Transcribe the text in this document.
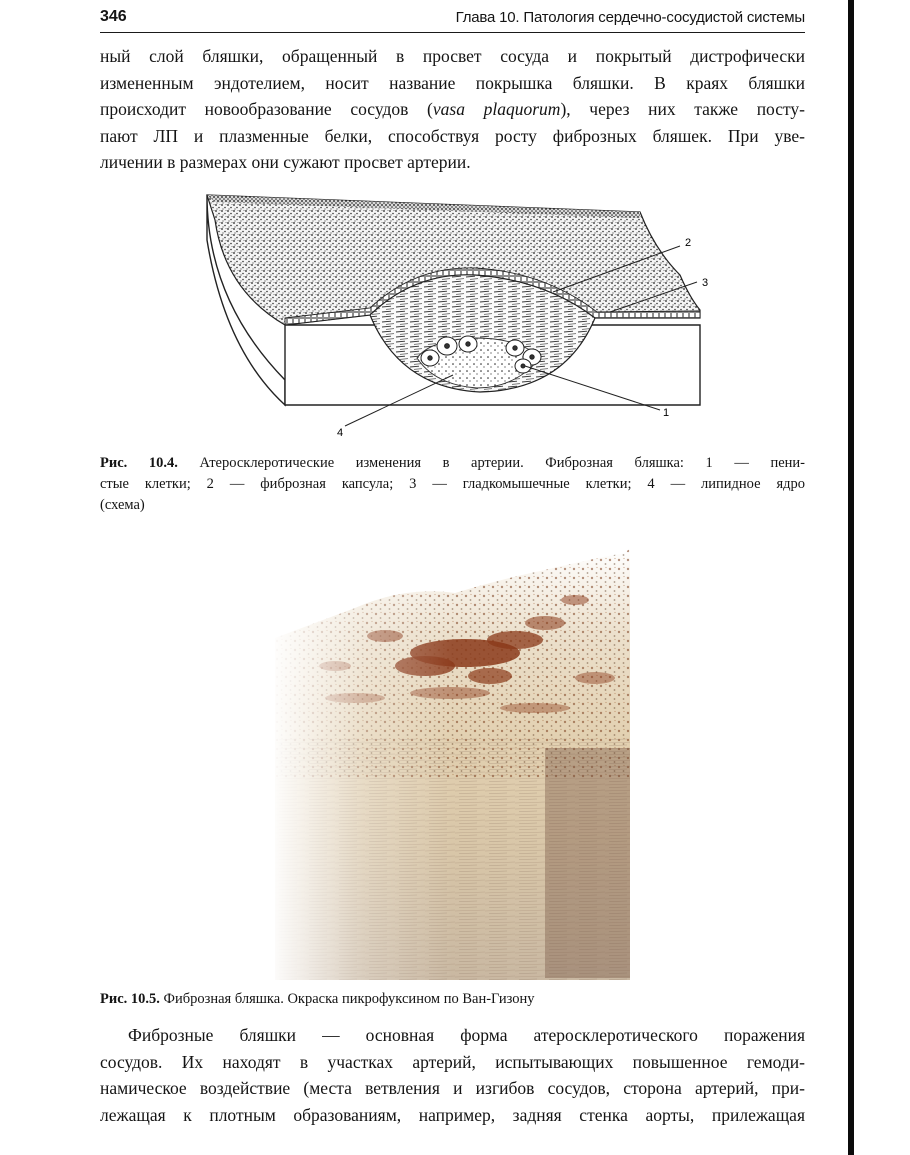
346	Глава 10. Патология сердечно-сосудистой системы
ный слой бляшки, обращенный в просвет сосуда и покрытый дистрофически
измененным эндотелием, носит название покрышка бляшки. В краях бляшки
происходит новообразование сосудов (vasa plaquorum), через них также посту-
пают ЛП и плазменные белки, способствуя росту фиброзных бляшек. При уве-
личении в размерах они сужают просвет артерии.
2
3
4
1
Рис. 10.4. Атеросклеротические изменения в артерии. Фиброзная бляшка: 1 — пени-
стые клетки; 2 — фиброзная капсула; 3 — гладкомышечные клетки; 4 — липидное ядро
(схема)
Рис. 10.5. Фиброзная бляшка. Окраска пикрофуксином по Ван-Гизону
Фиброзные бляшки — основная форма атеросклеротического поражения
сосудов. Их находят в участках артерий, испытывающих повышенное гемоди-
намическое воздействие (места ветвления и изгибов сосудов, сторона артерий, при-
лежащая к плотным образованиям, например, задняя стенка аорты, прилежащая
